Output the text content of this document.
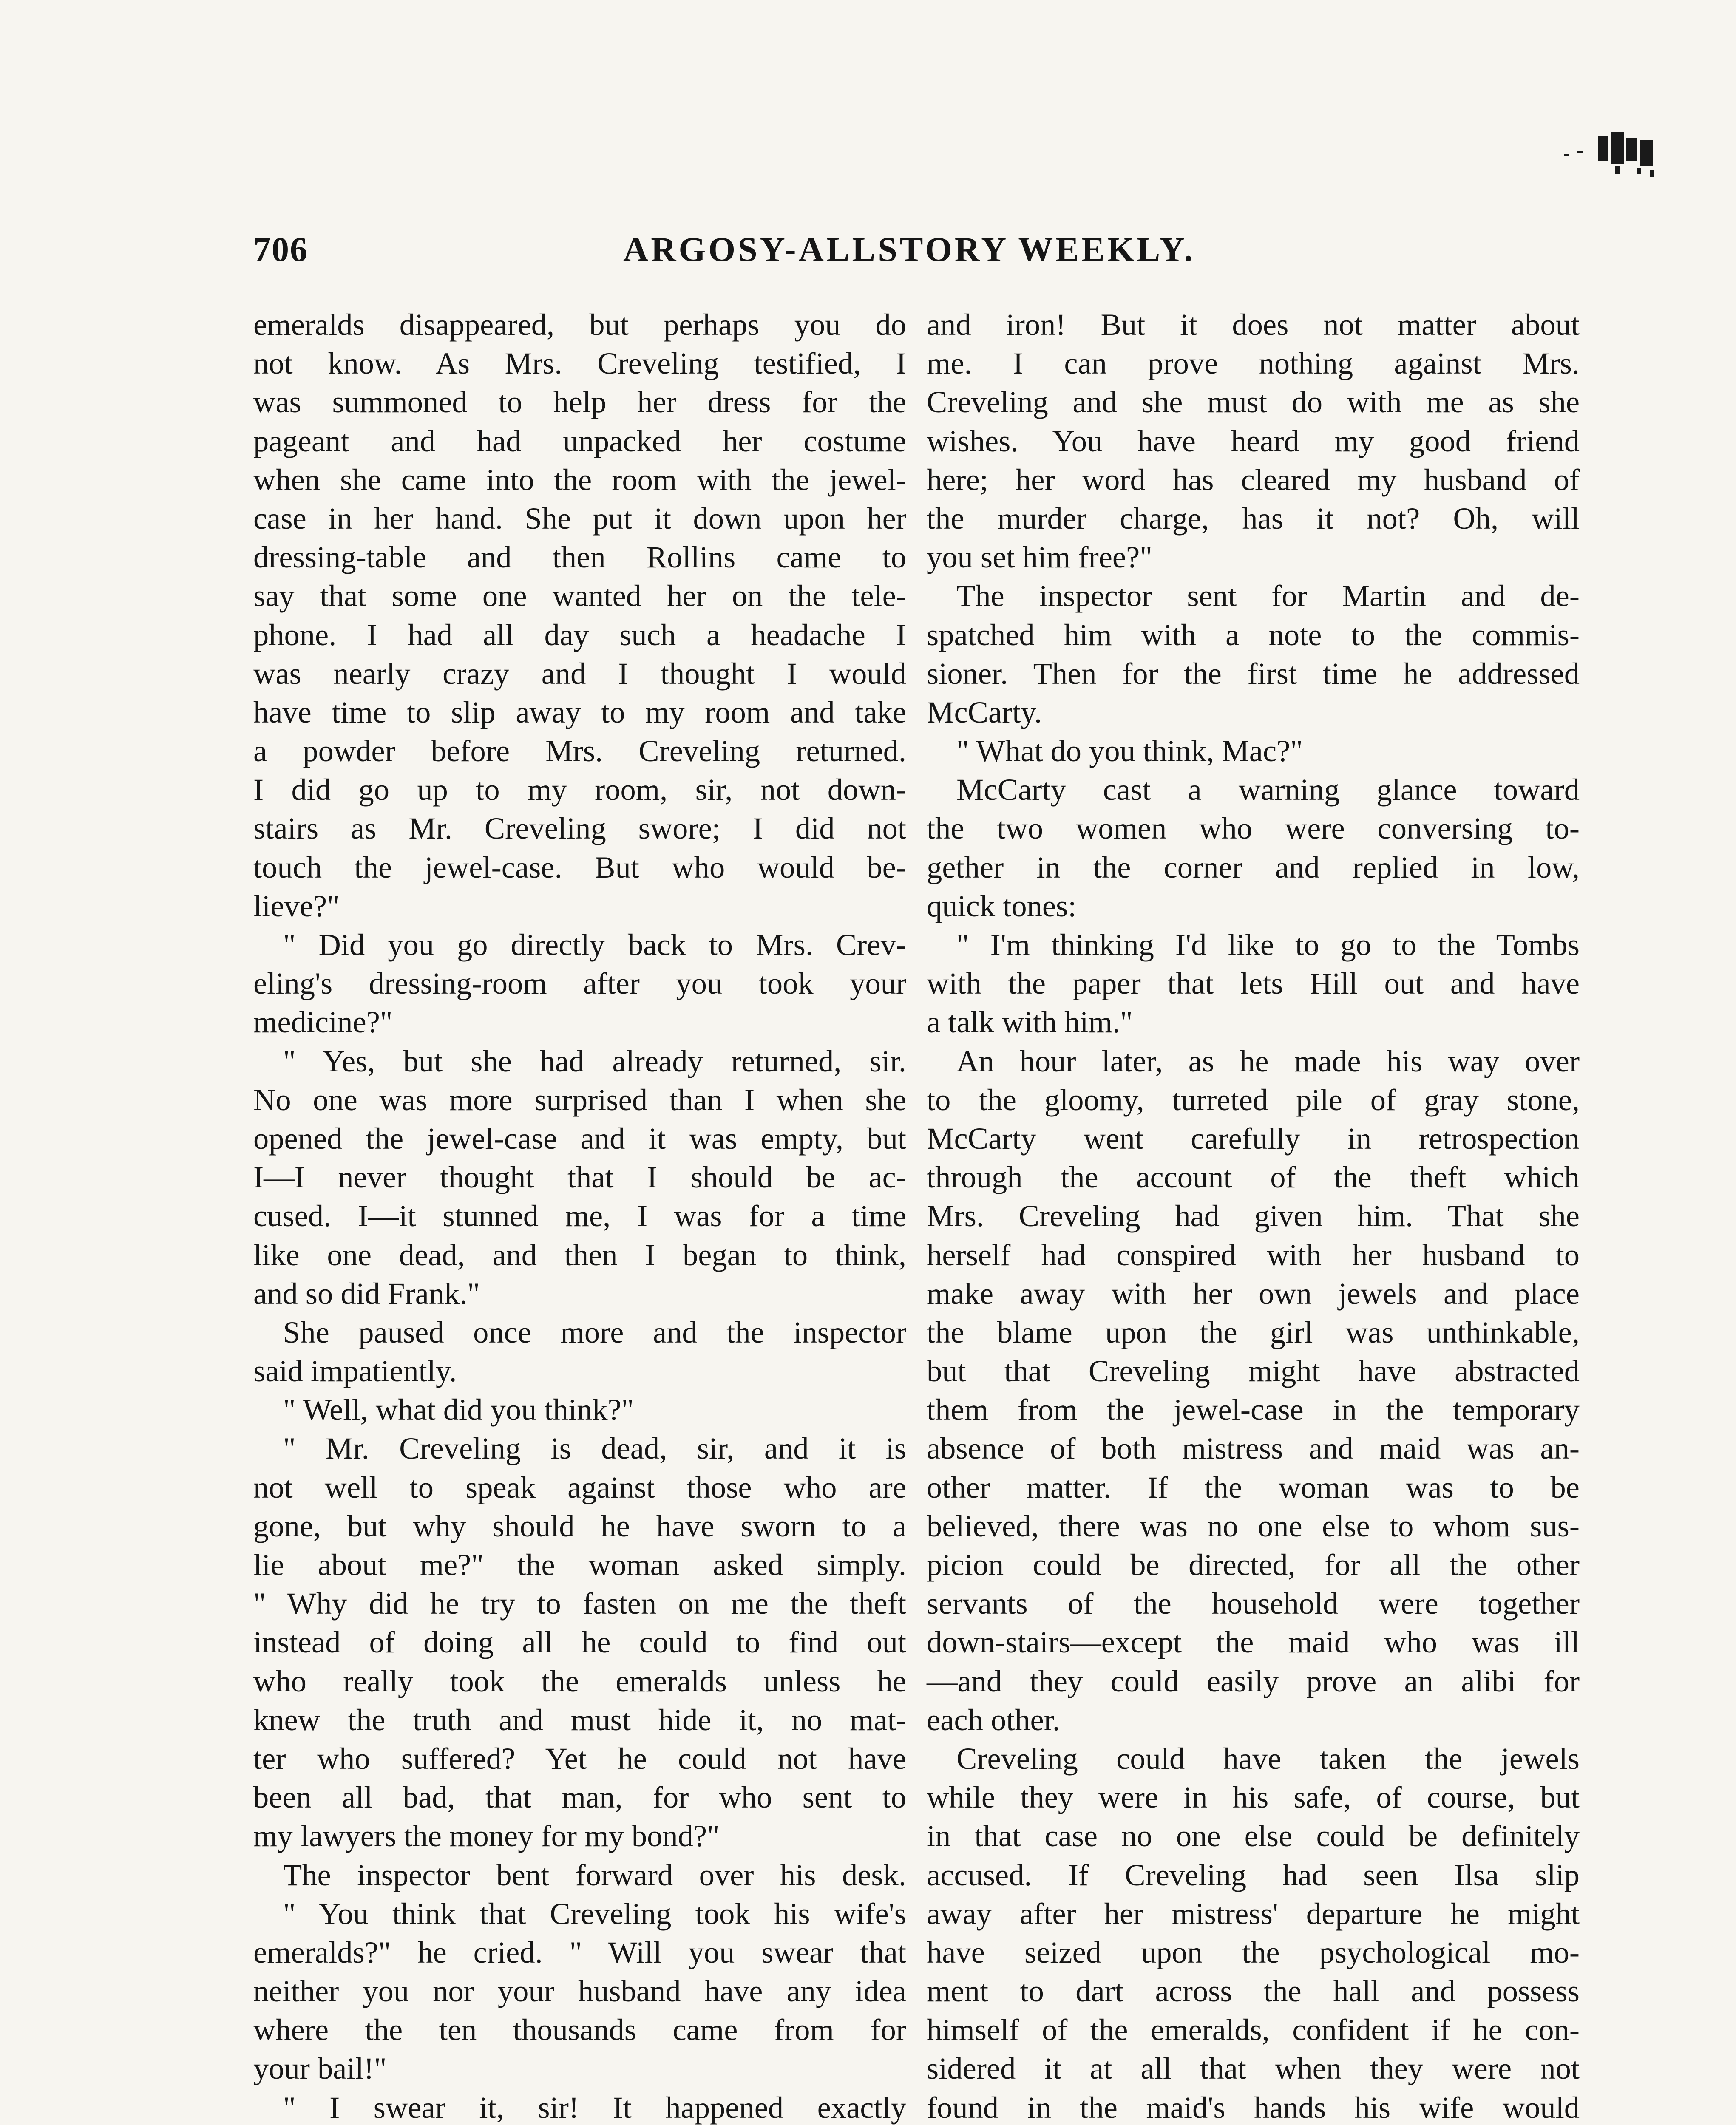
706	ARGOSY-ALLSTORY WEEKLY.
emeralds disappeared, but perhaps you do
not know. As Mrs. Creveling testified, I
was summoned to help her dress for the
pageant and had unpacked her costume
when she came into the room with the jewel-
case in her hand. She put it down upon her
dressing-table and then Rollins came to
say that some one wanted her on the tele-
phone. I had all day such a headache I
was nearly crazy and I thought I would
have time to slip away to my room and take
a powder before Mrs. Creveling returned.
I did go up to my room, sir, not down-
stairs as Mr. Creveling swore; I did not
touch the jewel-case. But who would be-
lieve?"
" Did you go directly back to Mrs. Crev-
eling's dressing-room after you took your
medicine?"
" Yes, but she had already returned, sir.
No one was more surprised than I when she
opened the jewel-case and it was empty, but
I—I never thought that I should be ac-
cused. I—it stunned me, I was for a time
like one dead, and then I began to think,
and so did Frank."
She paused once more and the inspector
said impatiently.
" Well, what did you think?"
" Mr. Creveling is dead, sir, and it is
not well to speak against those who are
gone, but why should he have sworn to a
lie about me?" the woman asked simply.
" Why did he try to fasten on me the theft
instead of doing all he could to find out
who really took the emeralds unless he
knew the truth and must hide it, no mat-
ter who suffered? Yet he could not have
been all bad, that man, for who sent to
my lawyers the money for my bond?"
The inspector bent forward over his desk.
" You think that Creveling took his wife's
emeralds?" he cried. " Will you swear that
neither you nor your husband have any idea
where the ten thousands came from for
your bail!"
" I swear it, sir! It happened exactly
and iron! But it does not matter about
me. I can prove nothing against Mrs.
Creveling and she must do with me as she
wishes. You have heard my good friend
here; her word has cleared my husband of
the murder charge, has it not? Oh, will
you set him free?"
The inspector sent for Martin and de-
spatched him with a note to the commis-
sioner. Then for the first time he addressed
McCarty.
" What do you think, Mac?"
McCarty cast a warning glance toward
the two women who were conversing to-
gether in the corner and replied in low,
quick tones:
" I'm thinking I'd like to go to the Tombs
with the paper that lets Hill out and have
a talk with him."
An hour later, as he made his way over
to the gloomy, turreted pile of gray stone,
McCarty went carefully in retrospection
through the account of the theft which
Mrs. Creveling had given him. That she
herself had conspired with her husband to
make away with her own jewels and place
the blame upon the girl was unthinkable,
but that Creveling might have abstracted
them from the jewel-case in the temporary
absence of both mistress and maid was an-
other matter. If the woman was to be
believed, there was no one else to whom sus-
picion could be directed, for all the other
servants of the household were together
down-stairs—except the maid who was ill
—and they could easily prove an alibi for
each other.
Creveling could have taken the jewels
while they were in his safe, of course, but
in that case no one else could be definitely
accused. If Creveling had seen Ilsa slip
away after her mistress' departure he might
have seized upon the psychological mo-
ment to dart across the hall and possess
himself of the emeralds, confident if he con-
sidered it at all that when they were not
found in the maid's hands his wife would
